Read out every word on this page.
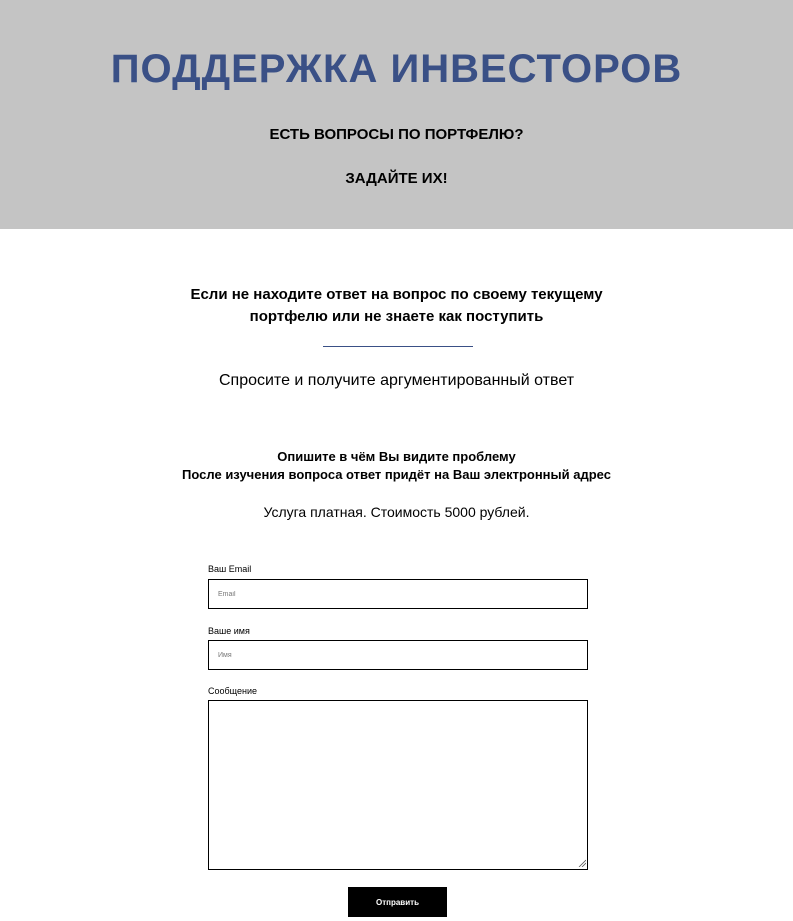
ПОДДЕРЖКА ИНВЕСТОРОВ
ЕСТЬ ВОПРОСЫ ПО ПОРТФЕЛЮ?
ЗАДАЙТЕ ИХ!
Если не находите ответ на вопрос по своему текущему портфелю или не знаете как поступить
Спросите и получите аргументированный ответ
Опишите в чём Вы видите проблему
После изучения вопроса ответ придёт на Ваш электронный адрес
Услуга платная. Стоимость 5000 рублей.
Ваш Email
Email
Ваше имя
Имя
Сообщение
Отправить
